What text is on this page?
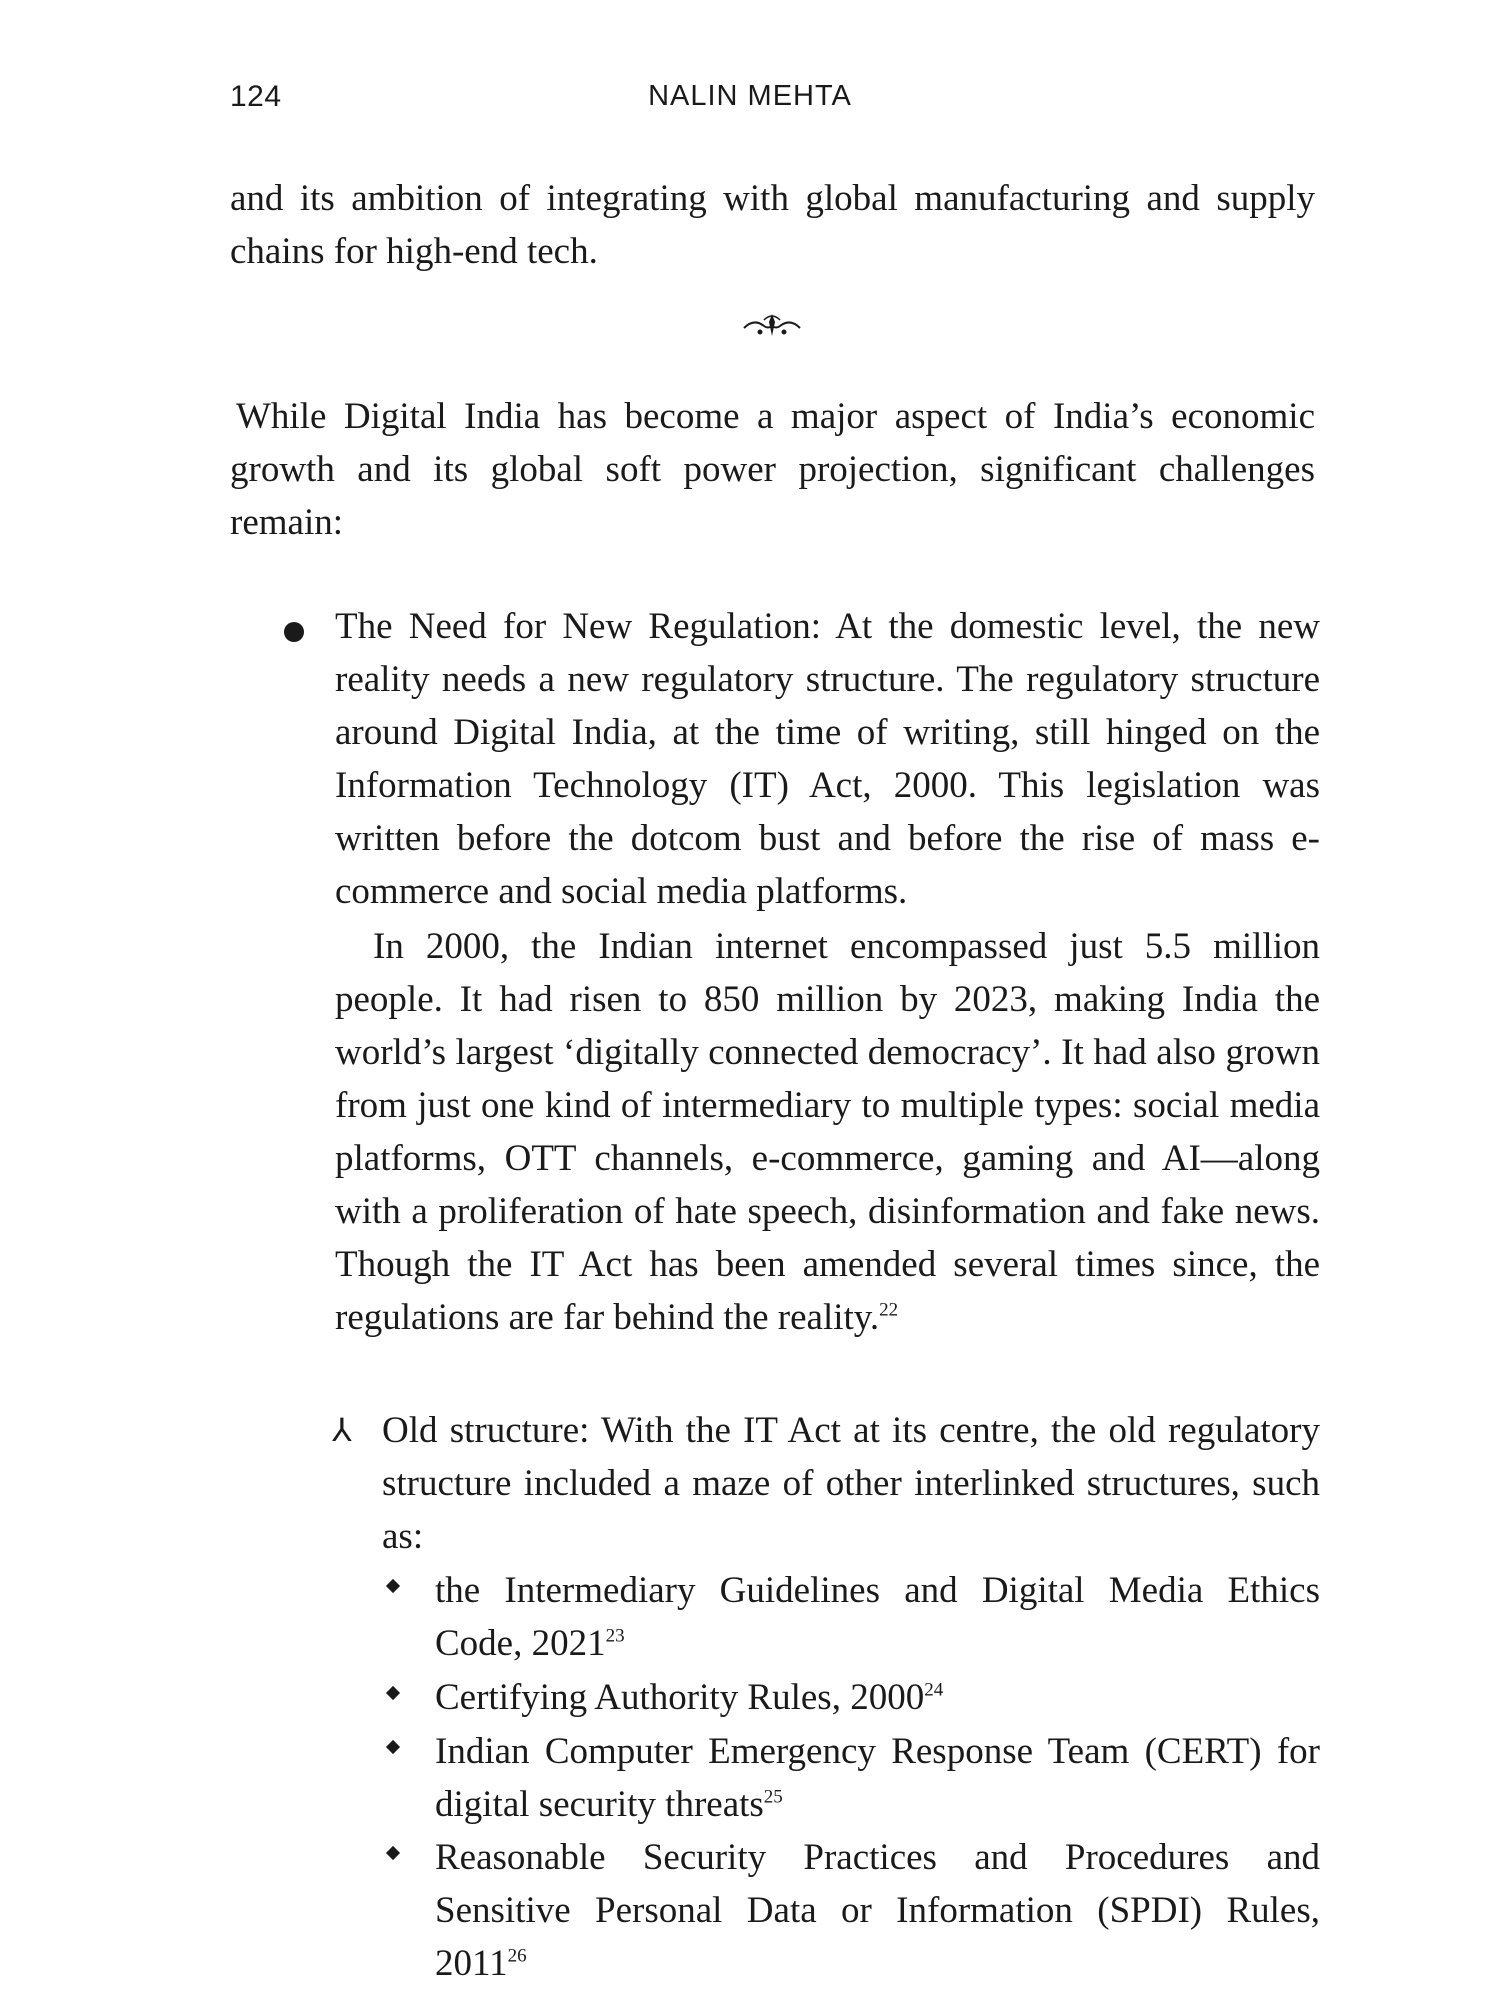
124	NALIN MEHTA

and its ambition of integrating with global manufacturing and supply chains for high-end tech.

While Digital India has become a major aspect of India’s economic growth and its global soft power projection, significant challenges remain:

The Need for New Regulation: At the domestic level, the new reality needs a new regulatory structure. The regulatory structure around Digital India, at the time of writing, still hinged on the Information Technology (IT) Act, 2000. This legislation was written before the dotcom bust and before the rise of mass e-commerce and social media platforms.

In 2000, the Indian internet encompassed just 5.5 million people. It had risen to 850 million by 2023, making India the world’s largest ‘digitally connected democracy’. It had also grown from just one kind of intermediary to multiple types: social media platforms, OTT channels, e-commerce, gaming and AI—along with a proliferation of hate speech, disinformation and fake news. Though the IT Act has been amended several times since, the regulations are far behind the reality.$^{22}$

⅄ Old structure: With the IT Act at its centre, the old regulatory structure included a maze of other interlinked structures, such as:

the Intermediary Guidelines and Digital Media Ethics Code, 2021$^{23}$

Certifying Authority Rules, 2000$^{24}$

Indian Computer Emergency Response Team (CERT) for digital security threats$^{25}$

Reasonable Security Practices and Procedures and Sensitive Personal Data or Information (SPDI) Rules, 2011$^{26}$
